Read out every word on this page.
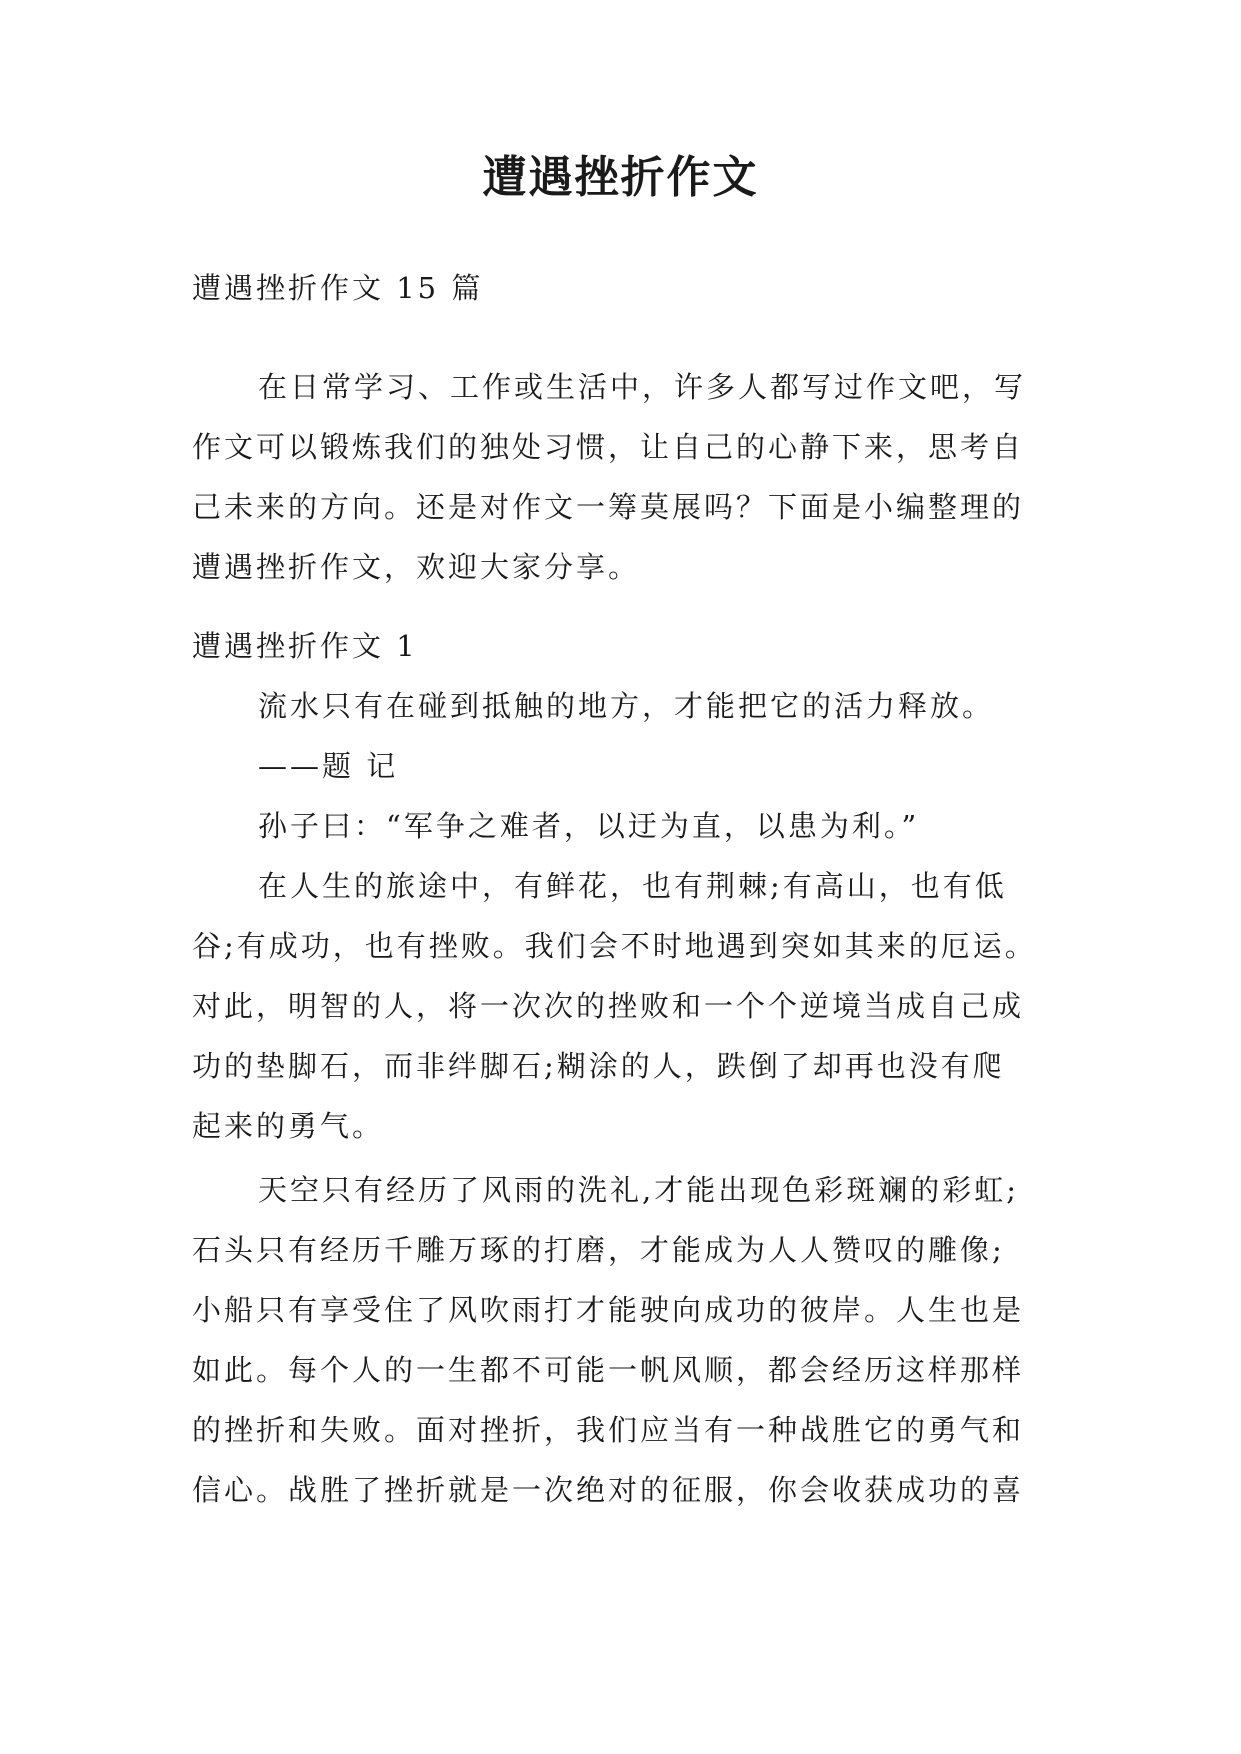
遭遇挫折作文
遭遇挫折作文 15 篇
在日常学习、工作或生活中，许多人都写过作文吧，写
作文可以锻炼我们的独处习惯，让自己的心静下来，思考自
己未来的方向。还是对作文一筹莫展吗？下面是小编整理的
遭遇挫折作文，欢迎大家分享。
遭遇挫折作文 1
流水只有在碰到抵触的地方，才能把它的活力释放。
——题 记
孙子曰：“军争之难者，以迂为直，以患为利。”
在人生的旅途中，有鲜花，也有荆棘;有高山，也有低
谷;有成功，也有挫败。我们会不时地遇到突如其来的厄运。
对此，明智的人，将一次次的挫败和一个个逆境当成自己成
功的垫脚石，而非绊脚石;糊涂的人，跌倒了却再也没有爬
起来的勇气。
天空只有经历了风雨的洗礼,才能出现色彩斑斓的彩虹;
石头只有经历千雕万琢的打磨，才能成为人人赞叹的雕像;
小船只有享受住了风吹雨打才能驶向成功的彼岸。人生也是
如此。每个人的一生都不可能一帆风顺，都会经历这样那样
的挫折和失败。面对挫折，我们应当有一种战胜它的勇气和
信心。战胜了挫折就是一次绝对的征服，你会收获成功的喜
